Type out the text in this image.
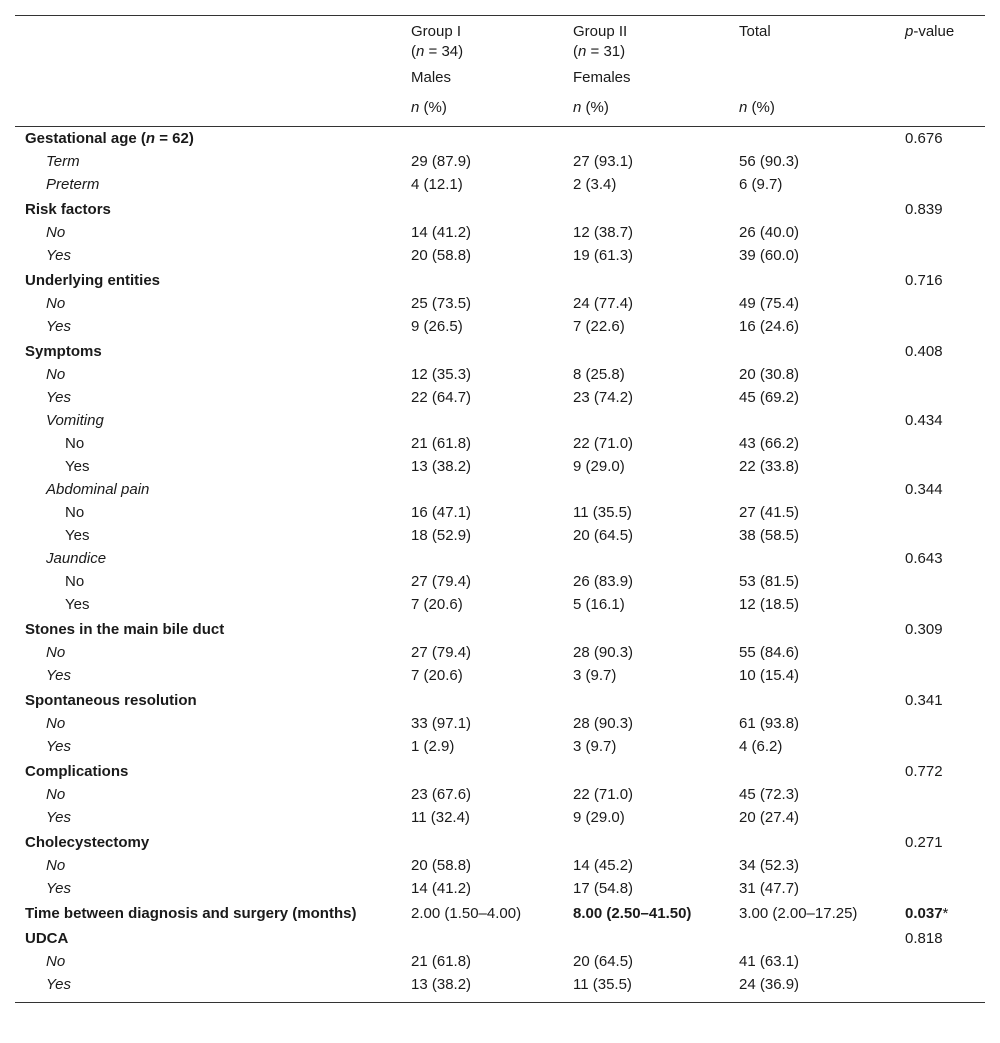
	Group I
(n = 34)	Group II
(n = 31)	Total	p-value
	Males	Females		
	n (%)	n (%)	n (%)	
Gestational age (n = 62)				0.676
Term	29 (87.9)	27 (93.1)	56 (90.3)	
Preterm	4 (12.1)	2 (3.4)	6 (9.7)	
Risk factors				0.839
No	14 (41.2)	12 (38.7)	26 (40.0)	
Yes	20 (58.8)	19 (61.3)	39 (60.0)	
Underlying entities				0.716
No	25 (73.5)	24 (77.4)	49 (75.4)	
Yes	9 (26.5)	7 (22.6)	16 (24.6)	
Symptoms				0.408
No	12 (35.3)	8 (25.8)	20 (30.8)	
Yes	22 (64.7)	23 (74.2)	45 (69.2)	
Vomiting				0.434
No	21 (61.8)	22 (71.0)	43 (66.2)	
Yes	13 (38.2)	9 (29.0)	22 (33.8)	
Abdominal pain				0.344
No	16 (47.1)	11 (35.5)	27 (41.5)	
Yes	18 (52.9)	20 (64.5)	38 (58.5)	
Jaundice				0.643
No	27 (79.4)	26 (83.9)	53 (81.5)	
Yes	7 (20.6)	5 (16.1)	12 (18.5)	
Stones in the main bile duct				0.309
No	27 (79.4)	28 (90.3)	55 (84.6)	
Yes	7 (20.6)	3 (9.7)	10 (15.4)	
Spontaneous resolution				0.341
No	33 (97.1)	28 (90.3)	61 (93.8)	
Yes	1 (2.9)	3 (9.7)	4 (6.2)	
Complications				0.772
No	23 (67.6)	22 (71.0)	45 (72.3)	
Yes	11 (32.4)	9 (29.0)	20 (27.4)	
Cholecystectomy				0.271
No	20 (58.8)	14 (45.2)	34 (52.3)	
Yes	14 (41.2)	17 (54.8)	31 (47.7)	
Time between diagnosis and surgery (months)	2.00 (1.50–4.00)	8.00 (2.50–41.50)	3.00 (2.00–17.25)	0.037*
UDCA				0.818
No	21 (61.8)	20 (64.5)	41 (63.1)	
Yes	13 (38.2)	11 (35.5)	24 (36.9)	
